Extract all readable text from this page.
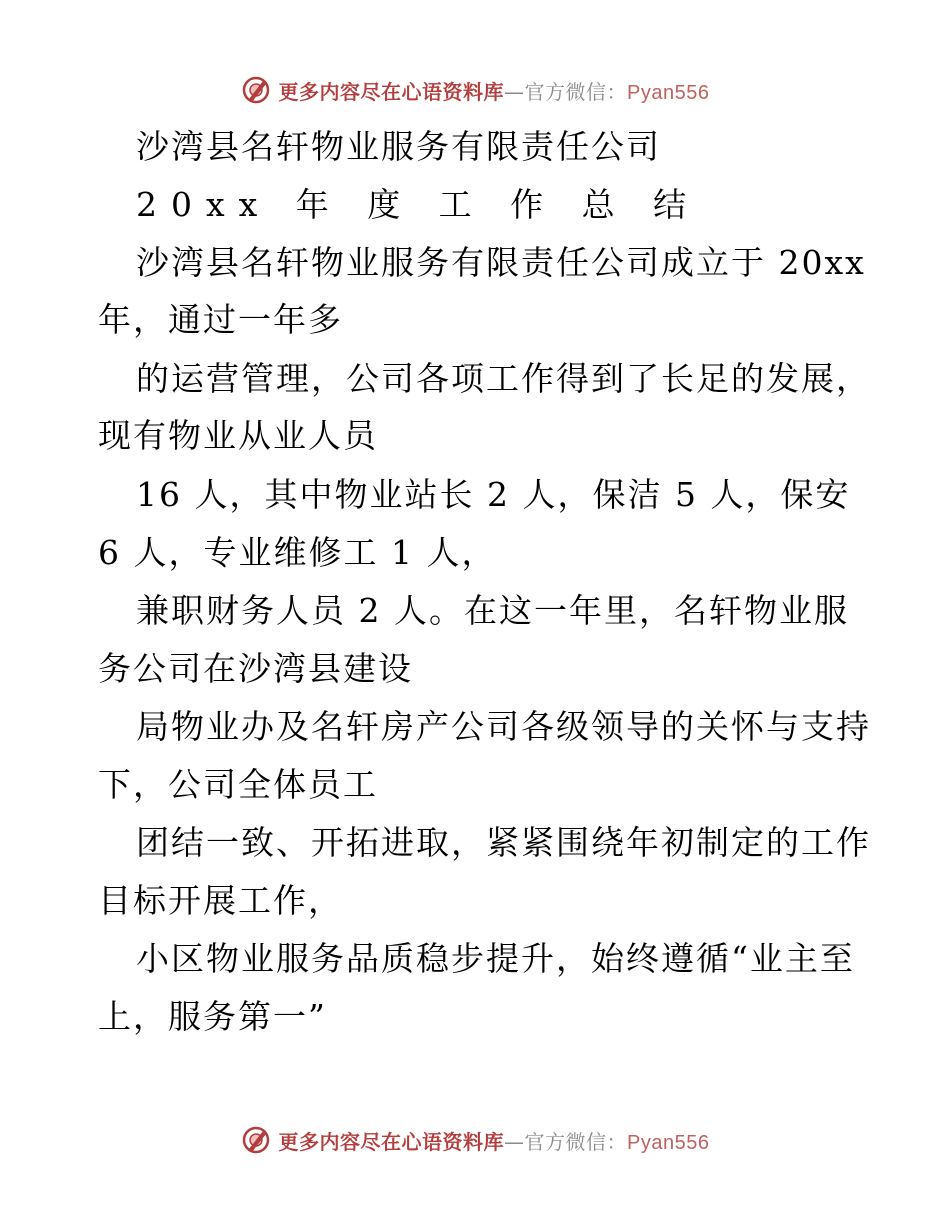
更多内容尽在心语资料库—官方微信：Pyan556
沙湾县名轩物业服务有限责任公司
20xx 年 度 工 作 总 结
沙湾县名轩物业服务有限责任公司成立于 20xx
年，通过一年多
的运营管理，公司各项工作得到了长足的发展，
现有物业从业人员
16 人，其中物业站长 2 人，保洁 5 人，保安
6 人，专业维修工 1 人，
兼职财务人员 2 人。在这一年里，名轩物业服
务公司在沙湾县建设
局物业办及名轩房产公司各级领导的关怀与支持
下，公司全体员工
团结一致、开拓进取，紧紧围绕年初制定的工作
目标开展工作，
小区物业服务品质稳步提升，始终遵循“业主至
上，服务第一”
更多内容尽在心语资料库—官方微信：Pyan556
